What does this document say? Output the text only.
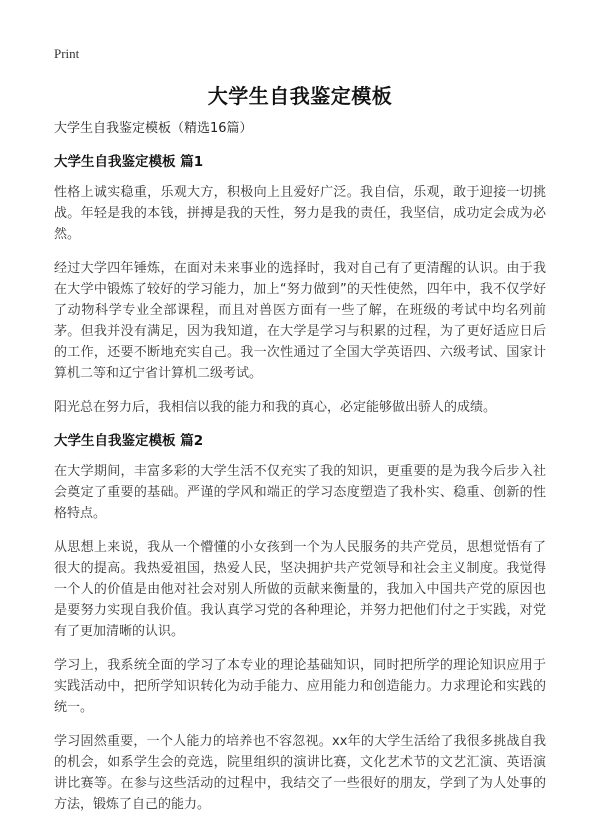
Print
大学生自我鉴定模板
大学生自我鉴定模板（精选16篇）
大学生自我鉴定模板 篇1

性格上诚实稳重，乐观大方，积极向上且爱好广泛。我自信，乐观，敢于迎接一切挑战。年轻是我的本钱，拼搏是我的天性，努力是我的责任，我坚信，成功定会成为必然。

经过大学四年锤炼，在面对未来事业的选择时，我对自己有了更清醒的认识。由于我在大学中锻炼了较好的学习能力，加上“努力做到”的天性使然，四年中，我不仅学好了动物科学专业全部课程，而且对兽医方面有一些了解，在班级的考试中均名列前茅。但我并没有满足，因为我知道，在大学是学习与积累的过程，为了更好适应日后的工作，还要不断地充实自己。我一次性通过了全国大学英语四、六级考试、国家计算机二等和辽宁省计算机二级考试。

阳光总在努力后，我相信以我的能力和我的真心，必定能够做出骄人的成绩。

大学生自我鉴定模板 篇2

在大学期间，丰富多彩的大学生活不仅充实了我的知识，更重要的是为我今后步入社会奠定了重要的基础。严谨的学风和端正的学习态度塑造了我朴实、稳重、创新的性格特点。

从思想上来说，我从一个懵懂的小女孩到一个为人民服务的共产党员，思想觉悟有了很大的提高。我热爱祖国，热爱人民，坚决拥护共产党领导和社会主义制度。我觉得一个人的价值是由他对社会对别人所做的贡献来衡量的，我加入中国共产党的原因也是要努力实现自我价值。我认真学习党的各种理论，并努力把他们付之于实践，对党有了更加清晰的认识。

学习上，我系统全面的学习了本专业的理论基础知识，同时把所学的理论知识应用于实践活动中，把所学知识转化为动手能力、应用能力和创造能力。力求理论和实践的统一。

学习固然重要，一个人能力的培养也不容忽视。xx年的大学生活给了我很多挑战自我的机会，如系学生会的竞选，院里组织的演讲比赛，文化艺术节的文艺汇演、英语演讲比赛等。在参与这些活动的过程中，我结交了一些很好的朋友，学到了为人处事的方法，锻炼了自己的能力。
